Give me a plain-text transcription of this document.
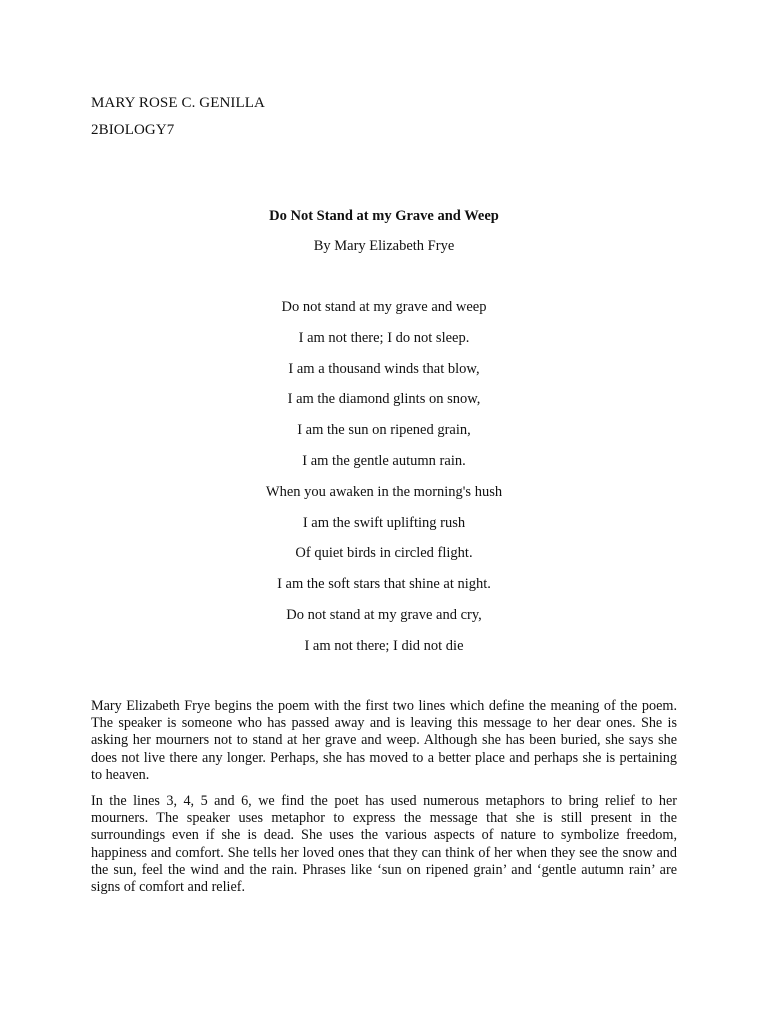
MARY ROSE C. GENILLA
2BIOLOGY7
Do Not Stand at my Grave and Weep
By Mary Elizabeth Frye
Do not stand at my grave and weep
I am not there; I do not sleep.
I am a thousand winds that blow,
I am the diamond glints on snow,
I am the sun on ripened grain,
I am the gentle autumn rain.
When you awaken in the morning's hush
I am the swift uplifting rush
Of quiet birds in circled flight.
I am the soft stars that shine at night.
Do not stand at my grave and cry,
I am not there; I did not die

Mary Elizabeth Frye begins the poem with the first two lines which define the meaning of the poem. The speaker is someone who has passed away and is leaving this message to her dear ones. She is asking her mourners not to stand at her grave and weep. Although she has been buried, she says she does not live there any longer. Perhaps, she has moved to a better place and perhaps she is pertaining to heaven.

In the lines 3, 4, 5 and 6, we find the poet has used numerous metaphors to bring relief to her mourners. The speaker uses metaphor to express the message that she is still present in the surroundings even if she is dead. She uses the various aspects of nature to symbolize freedom, happiness and comfort. She tells her loved ones that they can think of her when they see the snow and the sun, feel the wind and the rain. Phrases like ‘sun on ripened grain’ and ‘gentle autumn rain’ are signs of comfort and relief.
